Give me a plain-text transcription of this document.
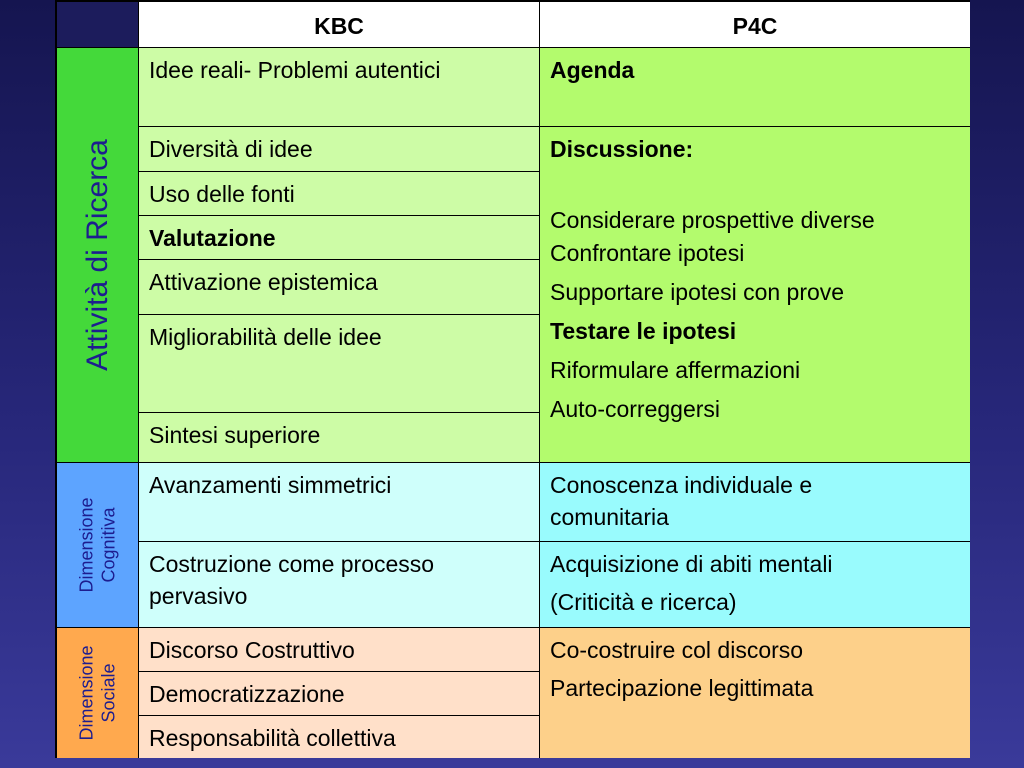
KBC	P4C
Attività di Ricerca
Idee reali- Problemi autentici
Diversità di idee
Uso delle fonti
Valutazione
Attivazione epistemica
Migliorabilità delle idee
Sintesi superiore
Agenda
Discussione:
Considerare prospettive diverse
Confrontare ipotesi
Supportare ipotesi con prove
Testare le ipotesi
Riformulare affermazioni
Auto-correggersi
Dimensione Cognitiva
Avanzamenti simmetrici
Costruzione come processo
pervasivo
Conoscenza individuale e
comunitaria
Acquisizione di abiti mentali
(Criticità e ricerca)
Dimensione Sociale
Discorso Costruttivo
Democratizzazione
Responsabilità collettiva
Co-costruire col discorso
Partecipazione legittimata
